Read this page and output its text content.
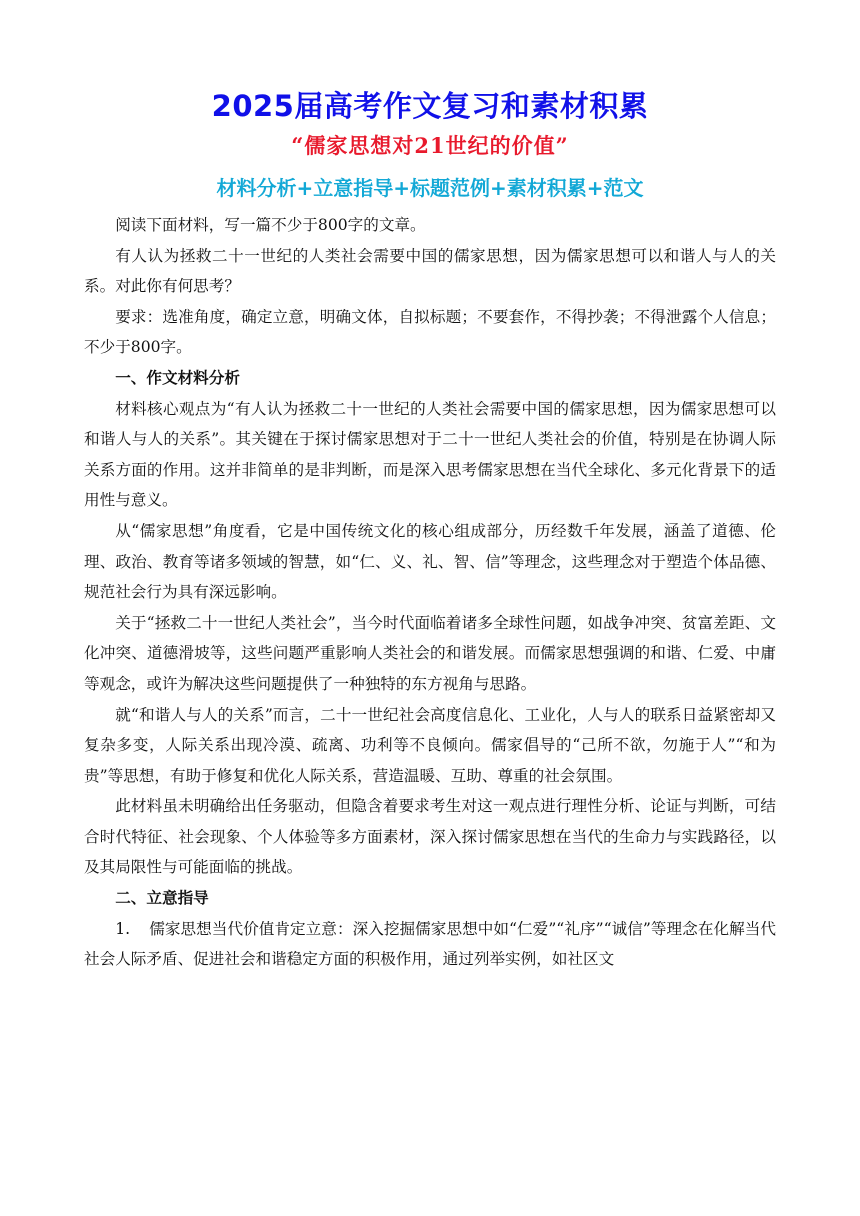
2025届高考作文复习和素材积累
“儒家思想对21世纪的价值”
材料分析+立意指导+标题范例+素材积累+范文

阅读下面材料，写一篇不少于800字的文章。

有人认为拯救二十一世纪的人类社会需要中国的儒家思想，因为儒家思想可以和谐人与人的关系。对此你有何思考？

要求：选准角度，确定立意，明确文体，自拟标题；不要套作，不得抄袭；不得泄露个人信息；不少于800字。

一、作文材料分析

材料核心观点为“有人认为拯救二十一世纪的人类社会需要中国的儒家思想，因为儒家思想可以和谐人与人的关系”。其关键在于探讨儒家思想对于二十一世纪人类社会的价值，特别是在协调人际关系方面的作用。这并非简单的是非判断，而是深入思考儒家思想在当代全球化、多元化背景下的适用性与意义。

从“儒家思想”角度看，它是中国传统文化的核心组成部分，历经数千年发展，涵盖了道德、伦理、政治、教育等诸多领域的智慧，如“仁、义、礼、智、信”等理念，这些理念对于塑造个体品德、规范社会行为具有深远影响。

关于“拯救二十一世纪人类社会”，当今时代面临着诸多全球性问题，如战争冲突、贫富差距、文化冲突、道德滑坡等，这些问题严重影响人类社会的和谐发展。而儒家思想强调的和谐、仁爱、中庸等观念，或许为解决这些问题提供了一种独特的东方视角与思路。

就“和谐人与人的关系”而言，二十一世纪社会高度信息化、工业化，人与人的联系日益紧密却又复杂多变，人际关系出现冷漠、疏离、功利等不良倾向。儒家倡导的“己所不欲，勿施于人”“和为贵”等思想，有助于修复和优化人际关系，营造温暖、互助、尊重的社会氛围。

此材料虽未明确给出任务驱动，但隐含着要求考生对这一观点进行理性分析、论证与判断，可结合时代特征、社会现象、个人体验等多方面素材，深入探讨儒家思想在当代的生命力与实践路径，以及其局限性与可能面临的挑战。

二、立意指导

1. 儒家思想当代价值肯定立意：深入挖掘儒家思想中如“仁爱”“礼序”“诚信”等理念在化解当代社会人际矛盾、促进社会和谐稳定方面的积极作用，通过列举实例，如社区文
